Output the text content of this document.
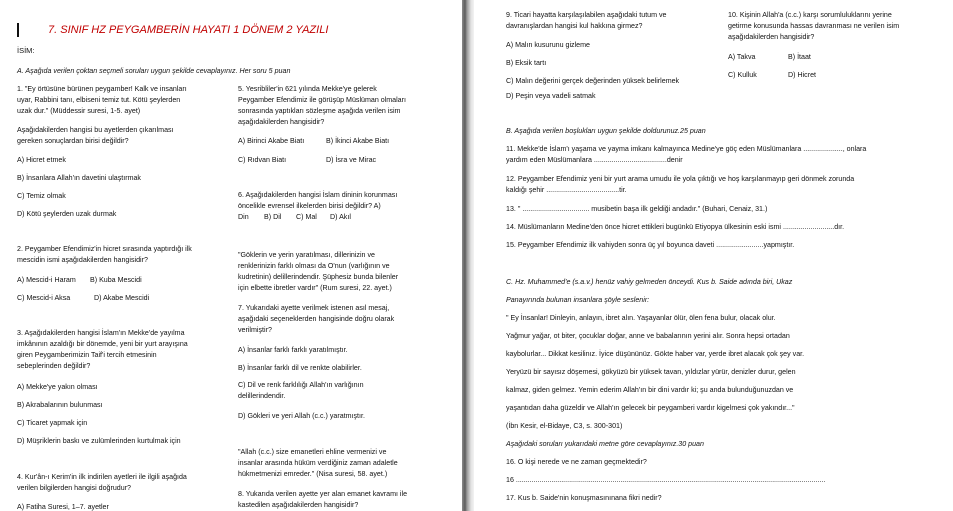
7. SINIF HZ PEYGAMBERİN HAYATI 1 DÖNEM 2 YAZILI
İSİM:
A. Aşağıda verilen çoktan seçmeli soruları uygun şekilde cevaplayınız. Her soru 5 puan
1. "Ey örtüsüne bürünen peygamber! Kalk ve insanları
uyar, Rabbini tanı, elbiseni temiz tut. Kötü şeylerden
uzak dur." (Müddessir suresi, 1-5. ayet)
Aşağıdakilerden hangisi bu ayetlerden çıkarılması
gereken sonuçlardan birisi değildir?
A) Hicret etmek
B) İnsanlara Allah'ın davetini ulaştırmak
C) Temiz olmak
D) Kötü şeylerden uzak durmak
2. Peygamber Efendimiz'in hicret sırasında yaptırdığı ilk
mescidin ismi aşağıdakilerden hangisidir?
A) Mescid-i Haram B) Kuba Mescidi
C) Mescid-i Aksa	D) Akabe Mescidi
3. Aşağıdakilerden hangisi İslam'ın Mekke'de yayılma
imkânının azaldığı bir dönemde, yeni bir yurt arayışına
giren Peygamberimizin Taif'i tercih etmesinin
sebeplerinden değildir?
A) Mekke'ye yakın olması
B) Akrabalarının bulunması
C) Ticaret yapmak için
D) Müşriklerin baskı ve zulümlerinden kurtulmak için
4. Kur'ân-ı Kerim'in ilk indirilen ayetleri ile ilgili aşağıda
verilen bilgilerden hangisi doğrudur?
A) Fatiha Suresi, 1–7. ayetler
5. Yesribliler'in 621 yılında Mekke'ye gelerek
Peygamber Efendimiz ile görüşüp Müslüman olmaları
sonrasında yaptıkları sözleşme aşağıda verilen isim
aşağıdakilerden hangisidir?
A) Birinci Akabe Biatı	B) İkinci Akabe Biatı
C) Rıdvan Biatı	D) İsra ve Mirac
6. Aşağıdakilerden hangisi İslam dininin korunması
öncelikle evrensel ilkelerden birisi değildir? A)
Din B) Dil C) Mal D) Akıl
"Göklerin ve yerin yaratılması, dillerinizin ve
renklerinizin farklı olması da O'nun (varlığının ve
kudretinin) delillerindendir. Şüphesiz bunda bilenler
için elbette ibretler vardır" (Rum suresi, 22. ayet.)
7. Yukarıdaki ayette verilmek istenen asıl mesaj,
aşağıdaki seçeneklerden hangisinde doğru olarak
verilmiştir?
A) İnsanlar farklı farklı yaratılmıştır.
B) İnsanlar farklı dil ve renkte olabilirler.
C) Dil ve renk farklılığı Allah'ın varlığının
delillerindendir.
D) Gökleri ve yeri Allah (c.c.) yaratmıştır.
"Allah (c.c.) size emanetleri ehline vermenizi ve
insanlar arasında hüküm verdiğiniz zaman adaletle
hükmetmenizi emreder." (Nisa suresi, 58. ayet.)
8. Yukarıda verilen ayette yer alan emanet kavramı ile
kastedilen aşağıdakilerden hangisidir?
9. Ticari hayatta karşılaşılabilen aşağıdaki tutum ve
davranışlardan hangisi kul hakkına girmez?
A) Malın kusurunu gizleme
B) Eksik tartı
C) Malın değerini gerçek değerinden yüksek belirlemek
D) Peşin veya vadeli satmak
10. Kişinin Allah'a (c.c.) karşı sorumluluklarını yerine
getirme konusunda hassas davranması ne verilen isim
aşağıdakilerden hangisidir?
A) Takva	B) İtaat
C) Kulluk	D) Hicret
B. Aşağıda verilen boşlukları uygun şekilde doldurunuz.25 puan
11. Mekke'de İslam'ı yaşama ve yayma imkanı kalmayınca Medine'ye göç eden Müslümanlara ...................., onlara
yardım eden Müslümanlara .....................................denir
12. Peygamber Efendimiz yeni bir yurt arama umudu ile yola çıktığı ve hoş karşılanmayıp geri dönmek zorunda
kaldığı şehir .....................................tir.
13. " .................................. musibetin başa ilk geldiği andadır." (Buhari, Cenaiz, 31.)
14. Müslümanların Medine'den önce hicret ettikleri bugünkü Etiyopya ülkesinin eski ismi ..........................dır.
15. Peygamber Efendimiz ilk vahiyden sonra üç yıl boyunca daveti ........................yapmıştır.
C. Hz. Muhammed'e (s.a.v.) henüz vahiy gelmeden önceydi. Kus b. Saide adında biri, Ukaz
Panayırında bulunan insanlara şöyle seslenir:
" Ey İnsanlar! Dinleyin, anlayın, ibret alın. Yaşayanlar ölür, ölen fena bulur, olacak olur.
Yağmur yağar, ot biter, çocuklar doğar, anne ve babalarının yerini alır. Sonra hepsi ortadan
kaybolurlar... Dikkat kesilinız. İyice düşününüz. Gökte haber var, yerde ibret alacak çok şey var.
Yeryüzü bir sayısız döşemesi, gökyüzü bir yüksek tavan, yıldızlar yürür, denizler durur, gelen
kalmaz, giden gelmez. Yemin ederim Allah'ın bir dini vardır ki; şu anda bulunduğunuzdan ve
yaşantıdan daha güzeldir ve Allah'ın gelecek bir peygamberi vardır kigelmesi çok yakındır..."
(İbn Kesir, el-Bidaye, C3, s. 300-301)
Aşağıdaki soruları yukarıdaki metne göre cevaplayınız.30 puan
16. O kişi nerede ve ne zaman geçmektedir?
16 .............................................................................................................................................................
17. Kus b. Saide'nin konuşmasınınana fikri nedir?
